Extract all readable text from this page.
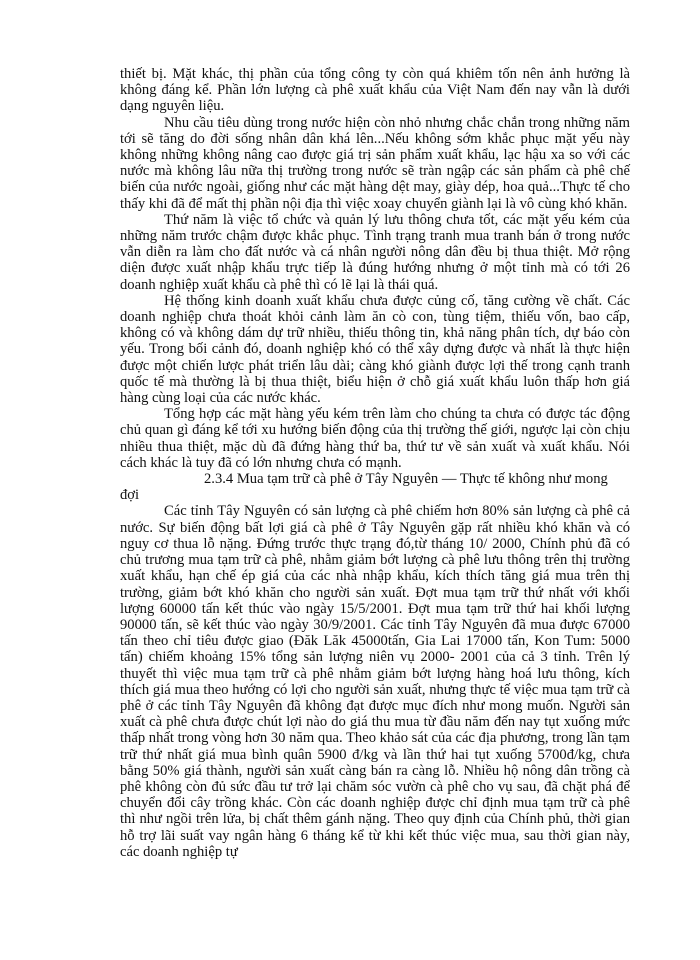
thiết bị. Mặt khác, thị phần của tổng công ty còn quá khiêm tốn nên ảnh hưởng là không đáng kể. Phần lớn lượng cà phê xuất khẩu của Việt Nam đến nay vẫn là dưới dạng nguyên liệu.

Nhu cầu tiêu dùng trong nước hiện còn nhỏ nhưng chắc chắn trong những năm tới sẽ tăng do đời sống nhân dân khá lên...Nếu không sớm khắc phục mặt yếu này không những không nâng cao được giá trị sản phẩm xuất khẩu, lạc hậu xa so với các nước mà không lâu nữa thị trường trong nước sẽ tràn ngập các sản phẩm cà phê chế biến của nước ngoài, giống như các mặt hàng dệt may, giày dép, hoa quả...Thực tế cho thấy khi đã để mất thị phần nội địa thì việc xoay chuyển giành lại là vô cùng khó khăn.

Thứ năm là việc tổ chức và quản lý lưu thông chưa tốt, các mặt yếu kém của những năm trước chậm được khắc phục. Tình trạng tranh mua tranh bán ở trong nước vẫn diễn ra làm cho đất nước và cá nhân người nông dân đều bị thua thiệt. Mở rộng diện được xuất nhập khẩu trực tiếp là đúng hướng nhưng ở một tỉnh mà có tới 26 doanh nghiệp xuất khẩu cà phê thì có lẽ lại là thái quá.

Hệ thống kinh doanh xuất khẩu chưa được củng cố, tăng cường về chất. Các doanh nghiệp chưa thoát khỏi cảnh làm ăn cò con, tùng tiệm, thiếu vốn, bao cấp, không có và không dám dự trữ nhiều, thiếu thông tin, khả năng phân tích, dự báo còn yếu. Trong bối cảnh đó, doanh nghiệp khó có thể xây dựng được và nhất là thực hiện được một chiến lược phát triển lâu dài; càng khó giành được lợi thế trong cạnh tranh quốc tế mà thường là bị thua thiệt, biểu hiện ở chỗ giá xuất khẩu luôn thấp hơn giá hàng cùng loại của các nước khác.

Tổng hợp các mặt hàng yếu kém trên làm cho chúng ta chưa có được tác động chủ quan gì đáng kể tới xu hướng biến động của thị trường thế giới, ngược lại còn chịu nhiều thua thiệt, mặc dù đã đứng hàng thứ ba, thứ tư về sản xuất và xuất khẩu. Nói cách khác là tuy đã có lớn nhưng chưa có mạnh.

2.3.4 Mua tạm trữ cà phê ở Tây Nguyên — Thực tế không như mong đợi

Các tỉnh Tây Nguyên có sản lượng cà phê chiếm hơn 80% sản lượng cà phê cả nước. Sự biến động bất lợi giá cà phê ở Tây Nguyên gặp rất nhiều khó khăn và có nguy cơ thua lỗ nặng. Đứng trước thực trạng đó,từ tháng 10/ 2000, Chính phủ đã có chủ trương mua tạm trữ cà phê, nhằm giảm bớt lượng cà phê lưu thông trên thị trường xuất khẩu, hạn chế ép giá của các nhà nhập khẩu, kích thích tăng giá mua trên thị trường, giảm bớt khó khăn cho người sản xuất. Đợt mua tạm trữ thứ nhất với khối lượng 60000 tấn kết thúc vào ngày 15/5/2001. Đợt mua tạm trữ thứ hai khối lượng 90000 tấn, sẽ kết thúc vào ngày 30/9/2001. Các tỉnh Tây Nguyên đã mua được 67000 tấn theo chỉ tiêu được giao (Đăk Lăk 45000tấn, Gia Lai 17000 tấn, Kon Tum: 5000 tấn) chiếm khoảng 15% tổng sản lượng niên vụ 2000- 2001 của cả 3 tỉnh. Trên lý thuyết thì việc mua tạm trữ cà phê nhằm giảm bớt lượng hàng hoá lưu thông, kích thích giá mua theo hướng có lợi cho người sản xuất, nhưng thực tế việc mua tạm trữ cà phê ở các tỉnh Tây Nguyên đã không đạt được mục đích như mong muốn. Người sản xuất cà phê chưa được chút lợi nào do giá thu mua từ đầu năm đến nay tụt xuống mức thấp nhất trong vòng hơn 30 năm qua. Theo khảo sát của các địa phương, trong lần tạm trữ thứ nhất giá mua bình quân 5900 đ/kg và lần thứ hai tụt xuống 5700đ/kg, chưa bằng 50% giá thành, người sản xuất càng bán ra càng lỗ. Nhiều hộ nông dân trồng cà phê không còn đủ sức đầu tư trở lại chăm sóc vườn cà phê cho vụ sau, đã chặt phá để chuyển đổi cây trồng khác. Còn các doanh nghiệp được chỉ định mua tạm trữ cà phê thì như ngồi trên lửa, bị chất thêm gánh nặng. Theo quy định của Chính phủ, thời gian hỗ trợ lãi suất vay ngân hàng 6 tháng kể từ khi kết thúc việc mua, sau thời gian này, các doanh nghiệp tự
